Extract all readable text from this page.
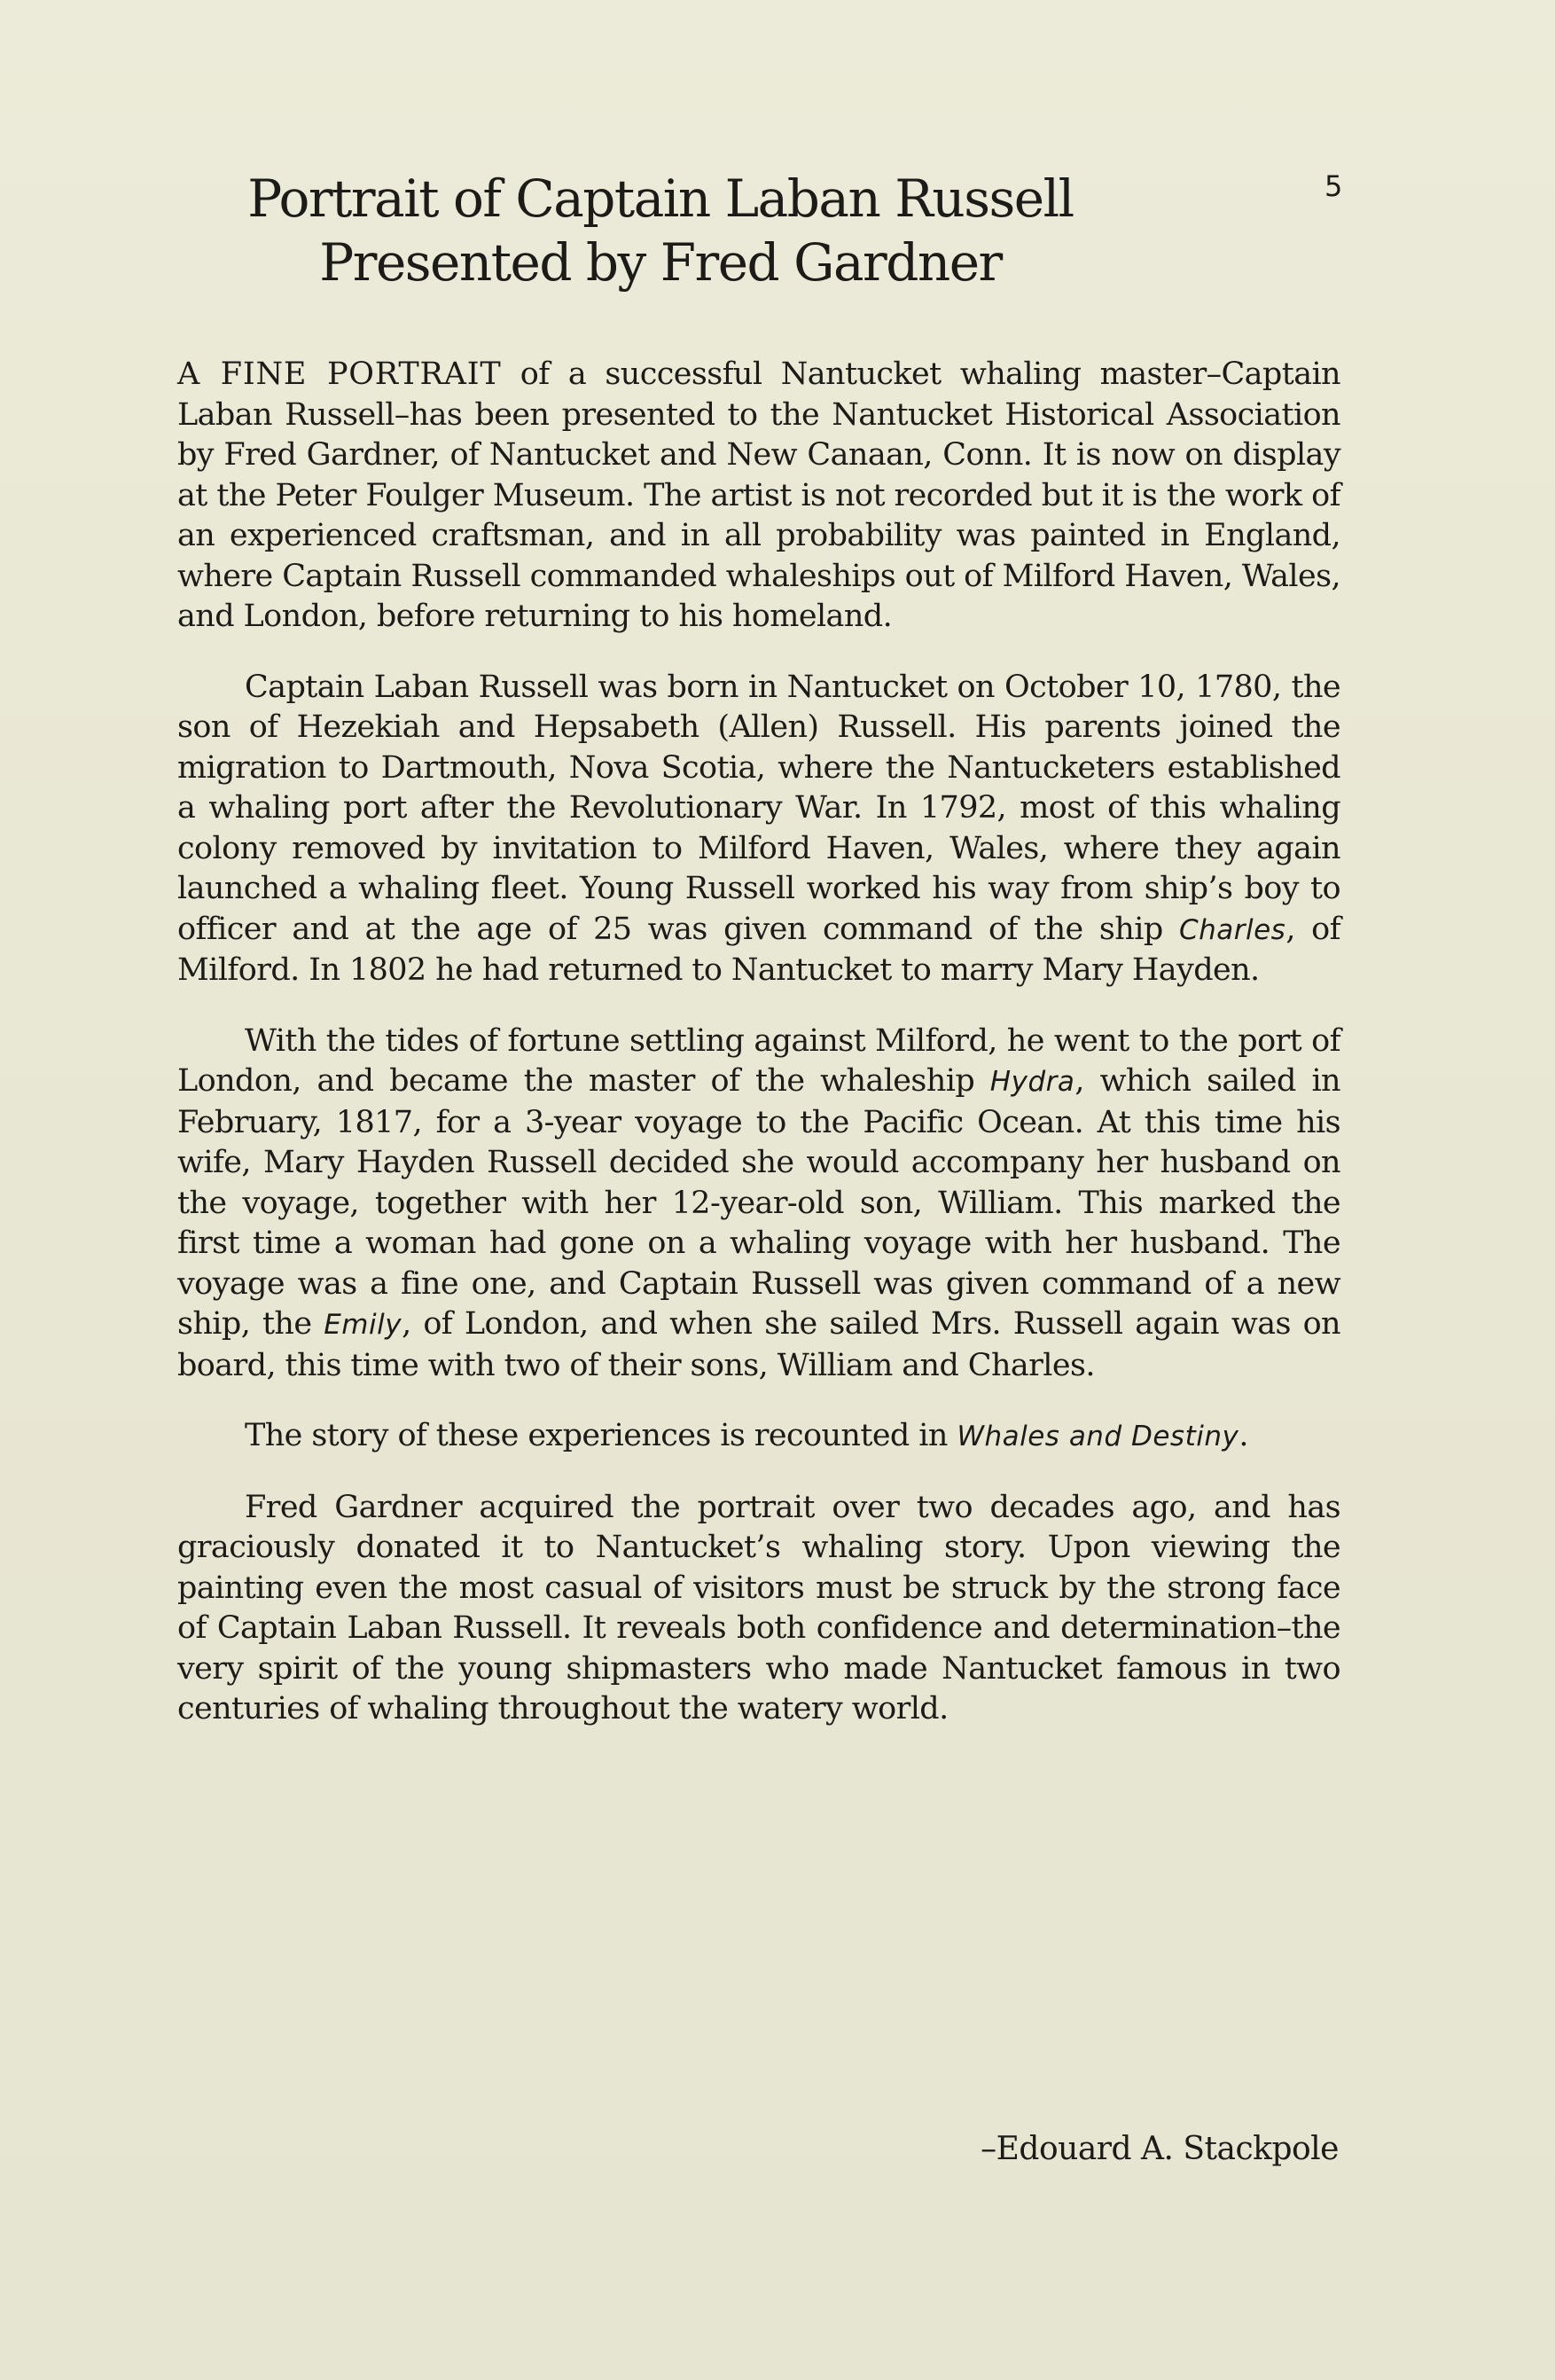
5
Portrait of Captain Laban Russell
Presented by Fred Gardner

A FINE PORTRAIT of a successful Nantucket whaling master–Captain Laban Russell–has been presented to the Nantucket Historical Association by Fred Gardner, of Nantucket and New Canaan, Conn. It is now on display at the Peter Foulger Museum. The artist is not recorded but it is the work of an experienced craftsman, and in all probability was painted in England, where Captain Russell commanded whaleships out of Milford Haven, Wales, and London, before returning to his homeland.

Captain Laban Russell was born in Nantucket on October 10, 1780, the son of Hezekiah and Hepsabeth (Allen) Russell. His parents joined the migration to Dartmouth, Nova Scotia, where the Nantucketers established a whaling port after the Revolutionary War. In 1792, most of this whaling colony removed by invitation to Milford Haven, Wales, where they again launched a whaling fleet. Young Russell worked his way from ship’s boy to officer and at the age of 25 was given command of the ship Charles, of Milford. In 1802 he had returned to Nantucket to marry Mary Hayden.

With the tides of fortune settling against Milford, he went to the port of London, and became the master of the whaleship Hydra, which sailed in February, 1817, for a 3-year voyage to the Pacific Ocean. At this time his wife, Mary Hayden Russell decided she would accompany her husband on the voyage, together with her 12-year-old son, William. This marked the first time a woman had gone on a whaling voyage with her husband. The voyage was a fine one, and Captain Russell was given command of a new ship, the Emily, of London, and when she sailed Mrs. Russell again was on board, this time with two of their sons, William and Charles.

The story of these experiences is recounted in Whales and Destiny.

Fred Gardner acquired the portrait over two decades ago, and has graciously donated it to Nantucket’s whaling story. Upon viewing the painting even the most casual of visitors must be struck by the strong face of Captain Laban Russell. It reveals both confidence and determination–the very spirit of the young shipmasters who made Nantucket famous in two centuries of whaling throughout the watery world.

–Edouard A. Stackpole
